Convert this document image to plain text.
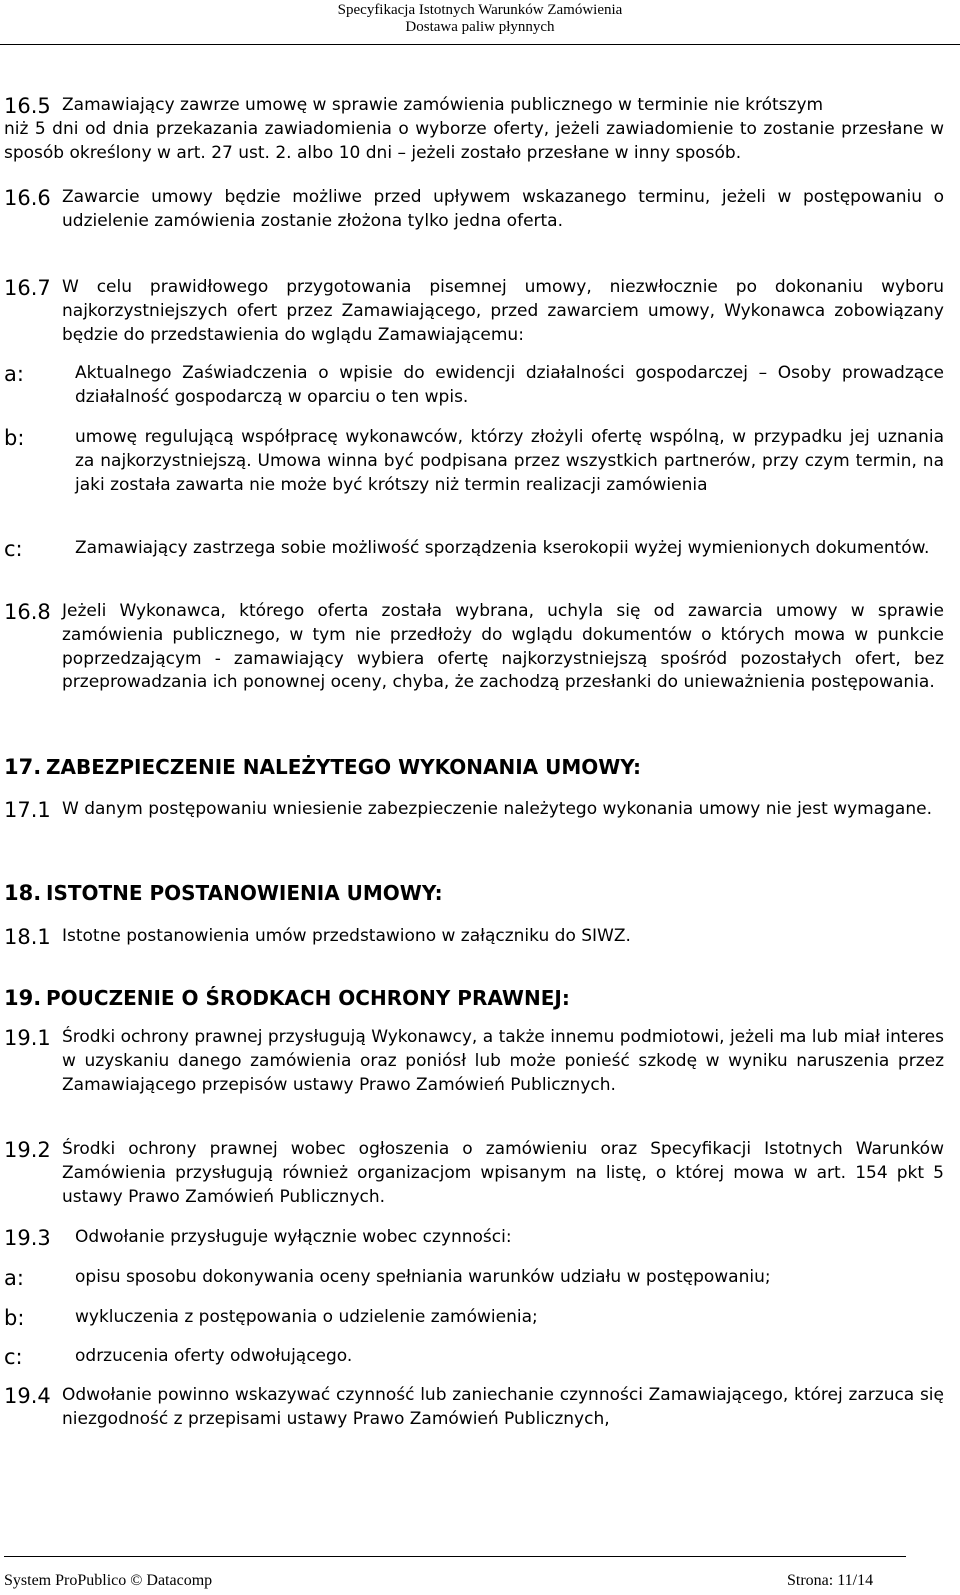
Specyfikacja Istotnych Warunków Zamówienia
Dostawa paliw płynnych
16.5 Zamawiający zawrze umowę w sprawie zamówienia publicznego w terminie nie krótszym
niż 5 dni od dnia przekazania zawiadomienia o wyborze oferty, jeżeli zawiadomienie to zostanie przesłane w sposób określony w art. 27 ust. 2. albo 10 dni – jeżeli zostało przesłane w inny sposób.
16.6 Zawarcie umowy będzie możliwe przed upływem wskazanego terminu, jeżeli w postępowaniu o udzielenie zamówienia zostanie złożona tylko jedna oferta.
16.7 W celu prawidłowego przygotowania pisemnej umowy, niezwłocznie po dokonaniu wyboru najkorzystniejszych ofert przez Zamawiającego, przed zawarciem umowy, Wykonawca zobowiązany będzie do przedstawienia do wglądu Zamawiającemu:
a:	Aktualnego Zaświadczenia o wpisie do ewidencji działalności gospodarczej – Osoby prowadzące działalność gospodarczą w oparciu o ten wpis.
b:	umowę regulującą współpracę wykonawców, którzy złożyli ofertę wspólną, w przypadku jej uznania za najkorzystniejszą. Umowa winna być podpisana przez wszystkich partnerów, przy czym termin, na jaki została zawarta nie może być krótszy niż termin realizacji zamówienia
c:	Zamawiający zastrzega sobie możliwość sporządzenia kserokopii wyżej wymienionych dokumentów.
16.8 Jeżeli Wykonawca, którego oferta została wybrana, uchyla się od zawarcia umowy w sprawie zamówienia publicznego, w tym nie przedłoży do wglądu dokumentów o których mowa w punkcie poprzedzającym - zamawiający wybiera ofertę najkorzystniejszą spośród pozostałych ofert, bez przeprowadzania ich ponownej oceny, chyba, że zachodzą przesłanki do unieważnienia postępowania.
17. ZABEZPIECZENIE NALEŻYTEGO WYKONANIA UMOWY:
17.1 W danym postępowaniu wniesienie zabezpieczenie należytego wykonania umowy nie jest wymagane.
18. ISTOTNE POSTANOWIENIA UMOWY:
18.1 Istotne postanowienia umów przedstawiono w załączniku do SIWZ.
19. POUCZENIE O ŚRODKACH OCHRONY PRAWNEJ:
19.1 Środki ochrony prawnej przysługują Wykonawcy, a także innemu podmiotowi, jeżeli ma lub miał interes w uzyskaniu danego zamówienia oraz poniósł lub może ponieść szkodę w wyniku naruszenia przez Zamawiającego przepisów ustawy Prawo Zamówień Publicznych.
19.2 Środki ochrony prawnej wobec ogłoszenia o zamówieniu oraz Specyfikacji Istotnych Warunków Zamówienia przysługują również organizacjom wpisanym na listę, o której mowa w art. 154 pkt 5 ustawy Prawo Zamówień Publicznych.
19.3 Odwołanie przysługuje wyłącznie wobec czynności:
a:	opisu sposobu dokonywania oceny spełniania warunków udziału w postępowaniu;
b:	wykluczenia z postępowania o udzielenie zamówienia;
c:	odrzucenia oferty odwołującego.
19.4 Odwołanie powinno wskazywać czynność lub zaniechanie czynności Zamawiającego, której zarzuca się niezgodność z przepisami ustawy Prawo Zamówień Publicznych,
System ProPublico © Datacomp	Strona: 11/14
